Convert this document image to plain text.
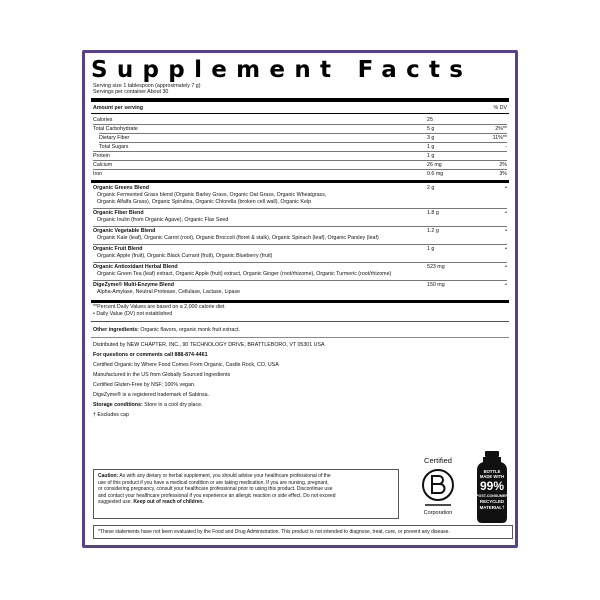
Supplement Facts
Serving size 1 tablespoon (approximately 7 g)
Servings per container About 30
Amount per serving	% DV
Calories	25
Total Carbohydrate	5 g	2%**
Dietary Fiber	3 g	11%**
Total Sugars	1 g	-
Protein	1 g
Calcium	26 mg	2%
Iron	0.6 mg	3%
Organic Greens Blend
Organic Fermented Grass blend (Organic Barley Grass, Organic Oat Grass, Organic Wheatgrass,
Organic Alfalfa Grass), Organic Spirulina, Organic Chlorella (broken cell wall), Organic Kelp
2 g	•
Organic Fiber Blend
Organic Inulin (from Organic Agave), Organic Flax Seed
1.8 g	•
Organic Vegetable Blend
Organic Kale (leaf), Organic Carrot (root), Organic Broccoli (floret & stalk), Organic Spinach (leaf), Organic Parsley (leaf)
1.2 g	•
Organic Fruit Blend
Organic Apple (fruit), Organic Black Currant (fruit), Organic Blueberry (fruit)
1 g	•
Organic Antioxidant Herbal Blend
Organic Green Tea (leaf) extract, Organic Apple (fruit) extract, Organic Ginger (root/rhizome), Organic Turmeric (root/rhizome)
523 mg	•
DigeZyme® Multi-Enzyme Blend
Alpha-Amylase, Neutral Protease, Cellulase, Lactase, Lipase
150 mg	•
**Percent Daily Values are based on a 2,000 calorie diet
• Daily Value (DV) not established
Other ingredients: Organic flavors, organic monk fruit extract.
Distributed by NEW CHAPTER, INC., 90 TECHNOLOGY DRIVE, BRATTLEBORO, VT 05301 USA
For questions or comments call 888-874-4461
Certified Organic by Where Food Comes From Organic, Castle Rock, CO, USA
Manufactured in the US from Globally Sourced Ingredients
Certified Gluten-Free by NSF; 100% vegan.
DigeZyme® is a registered trademark of Sabinsa.
Storage conditions: Store in a cool dry place.
† Excludes cap
Caution: As with any dietary or herbal supplement, you should advise your healthcare professional of the
use of this product if you have a medical condition or are taking medication. If you are nursing, pregnant,
or considering pregnancy, consult your healthcare professional prior to using this product. Discontinue use
and contact your healthcare professional if you experience an allergic reaction or side effect. Do not exceed
suggested use. Keep out of reach of children.
Certified
Corporation
BOTTLE
MADE WITH
99%
POST-CONSUMER
RECYCLED
MATERIAL†
*These statements have not been evaluated by the Food and Drug Administration. This product is not intended to diagnose, treat, cure, or prevent any disease.
